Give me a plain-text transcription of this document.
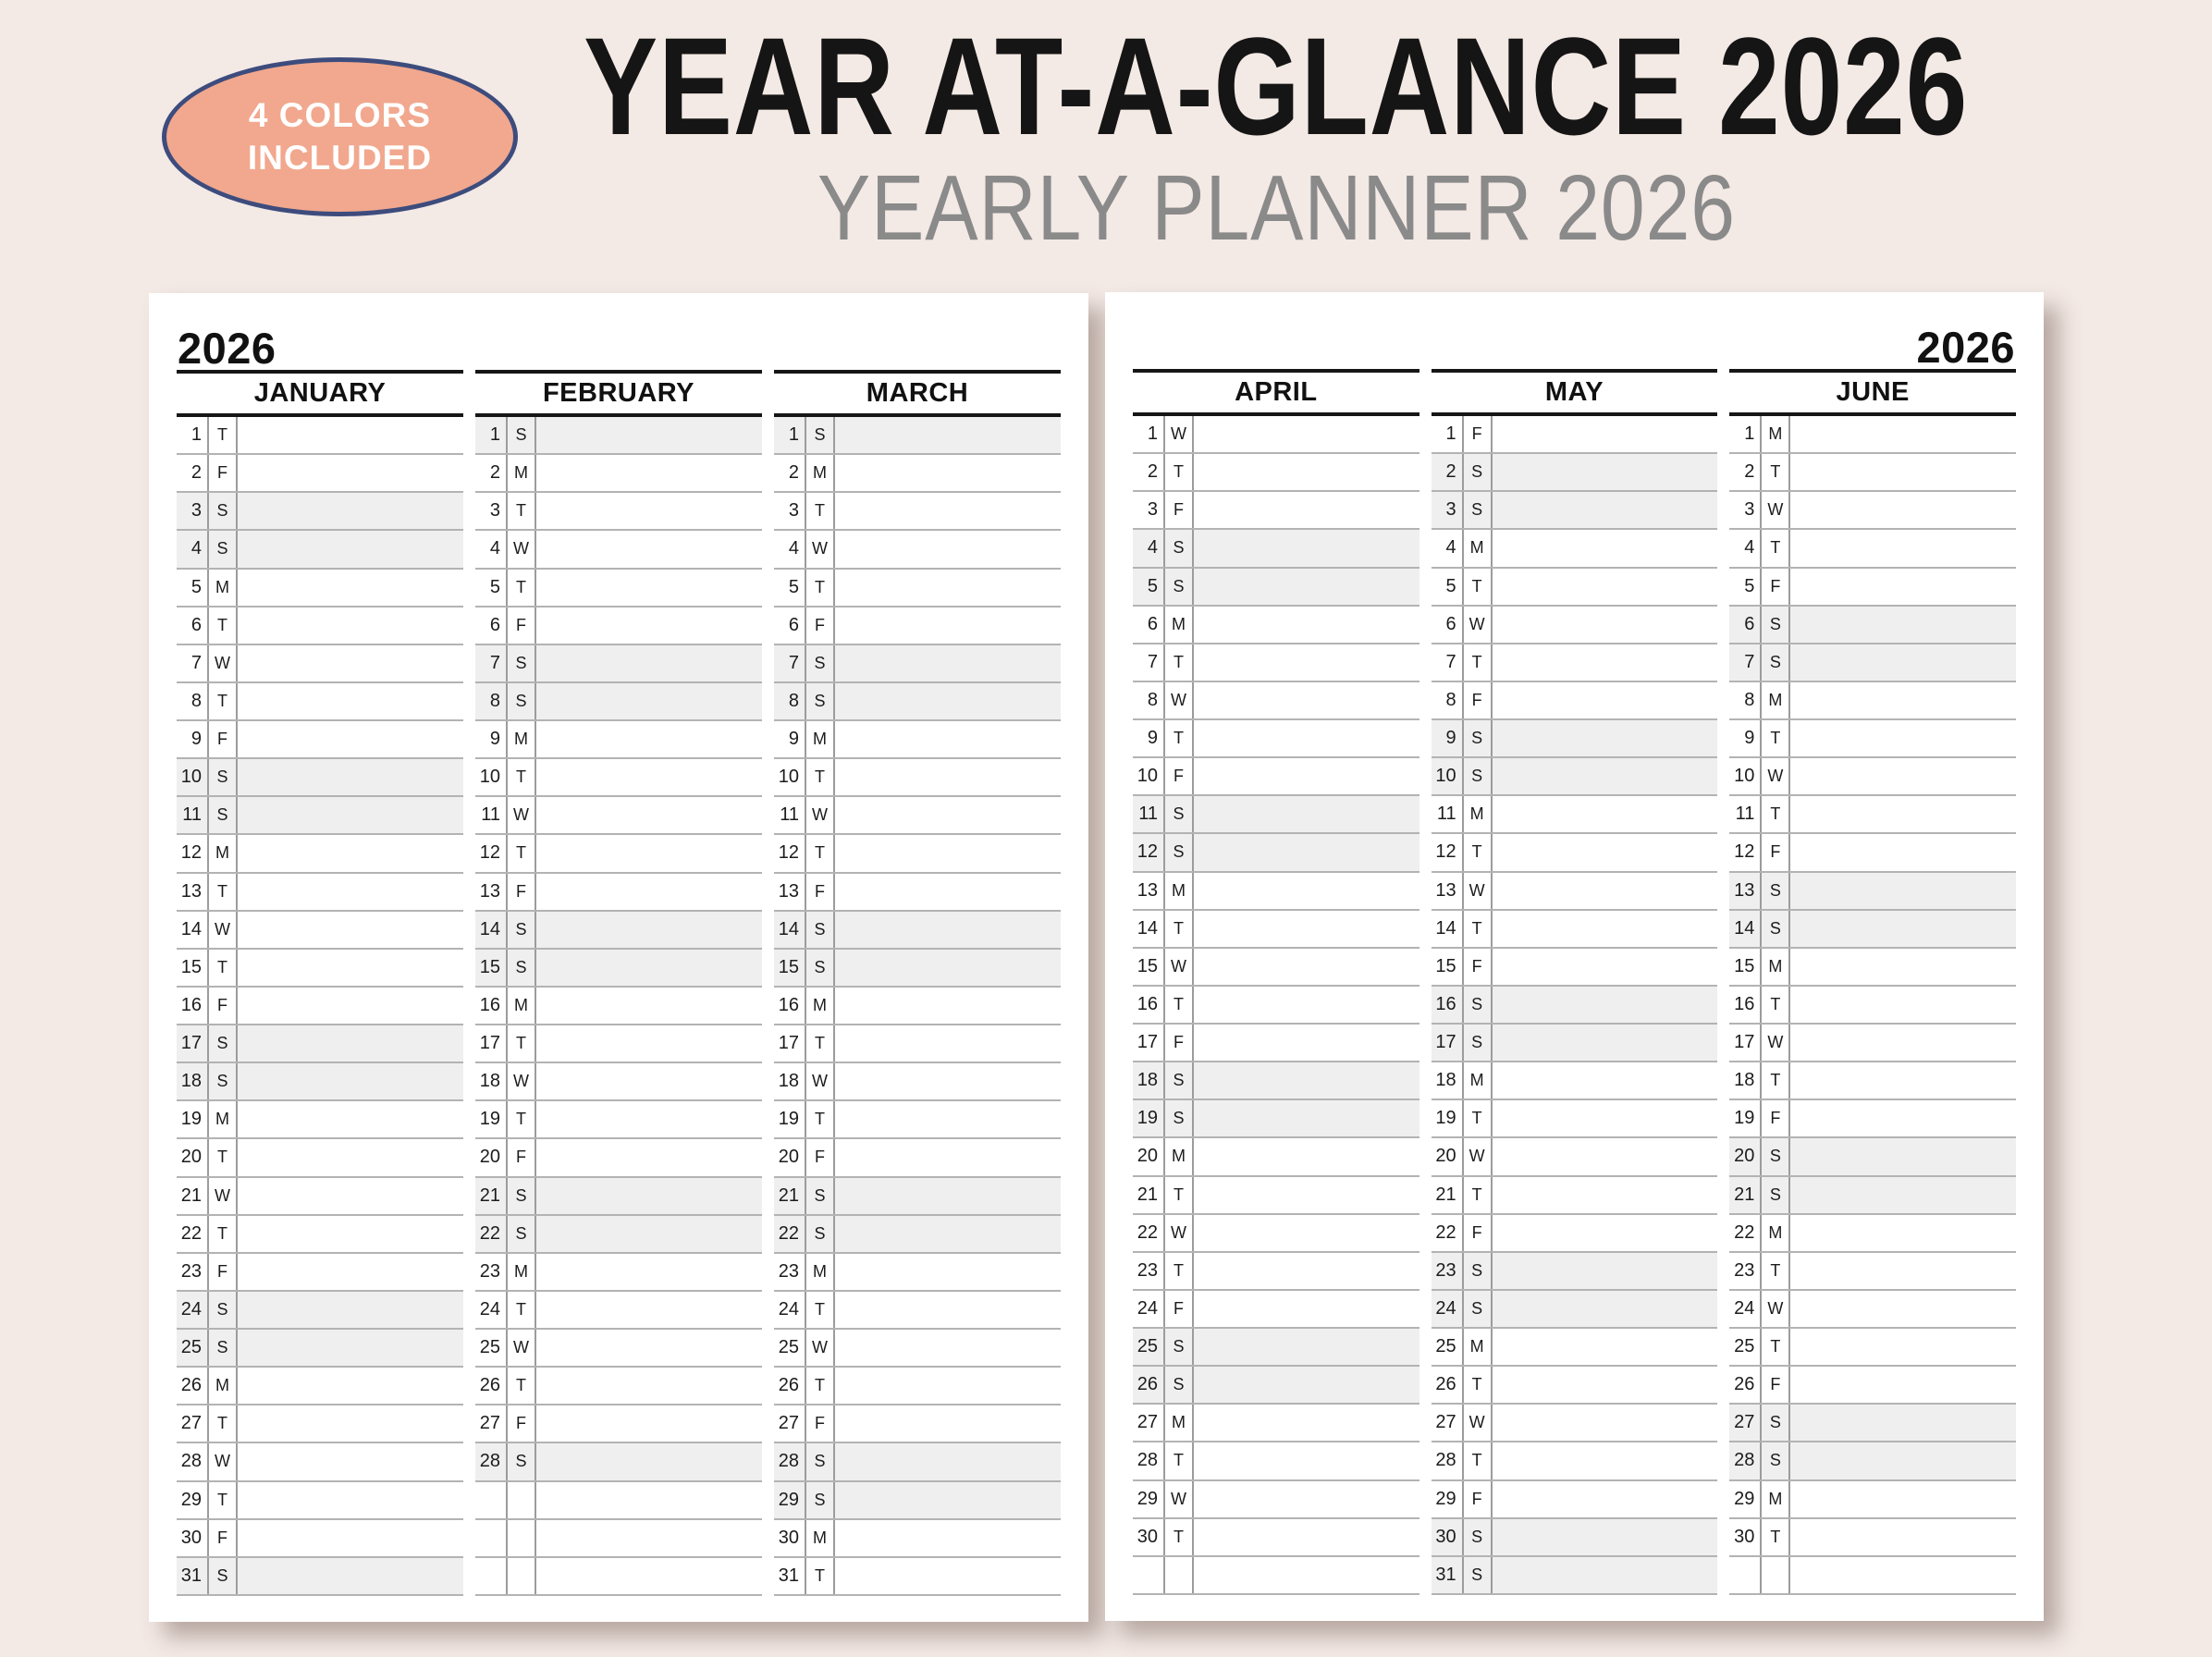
4 COLORS
INCLUDED	YEAR AT-A-GLANCE 2026
YEARLY PLANNER 2026
2026
JANUARY
1 T
2 F
3 S
4 S
5 M
6 T
7 W
8 T
9 F
10 S
11 S
12 M
13 T
14 W
15 T
16 F
17 S
18 S
19 M
20 T
21 W
22 T
23 F
24 S
25 S
26 M
27 T
28 W
29 T
30 F
31 S
FEBRUARY
1 S
2 M
3 T
4 W
5 T
6 F
7 S
8 S
9 M
10 T
11 W
12 T
13 F
14 S
15 S
16 M
17 T
18 W
19 T
20 F
21 S
22 S
23 M
24 T
25 W
26 T
27 F
28 S
MARCH
1 S
2 M
3 T
4 W
5 T
6 F
7 S
8 S
9 M
10 T
11 W
12 T
13 F
14 S
15 S
16 M
17 T
18 W
19 T
20 F
21 S
22 S
23 M
24 T
25 W
26 T
27 F
28 S
29 S
30 M
31 T
2026
APRIL
1 W
2 T
3 F
4 S
5 S
6 M
7 T
8 W
9 T
10 F
11 S
12 S
13 M
14 T
15 W
16 T
17 F
18 S
19 S
20 M
21 T
22 W
23 T
24 F
25 S
26 S
27 M
28 T
29 W
30 T
MAY
1 F
2 S
3 S
4 M
5 T
6 W
7 T
8 F
9 S
10 S
11 M
12 T
13 W
14 T
15 F
16 S
17 S
18 M
19 T
20 W
21 T
22 F
23 S
24 S
25 M
26 T
27 W
28 T
29 F
30 S
31 S
JUNE
1 M
2 T
3 W
4 T
5 F
6 S
7 S
8 M
9 T
10 W
11 T
12 F
13 S
14 S
15 M
16 T
17 W
18 T
19 F
20 S
21 S
22 M
23 T
24 W
25 T
26 F
27 S
28 S
29 M
30 T
